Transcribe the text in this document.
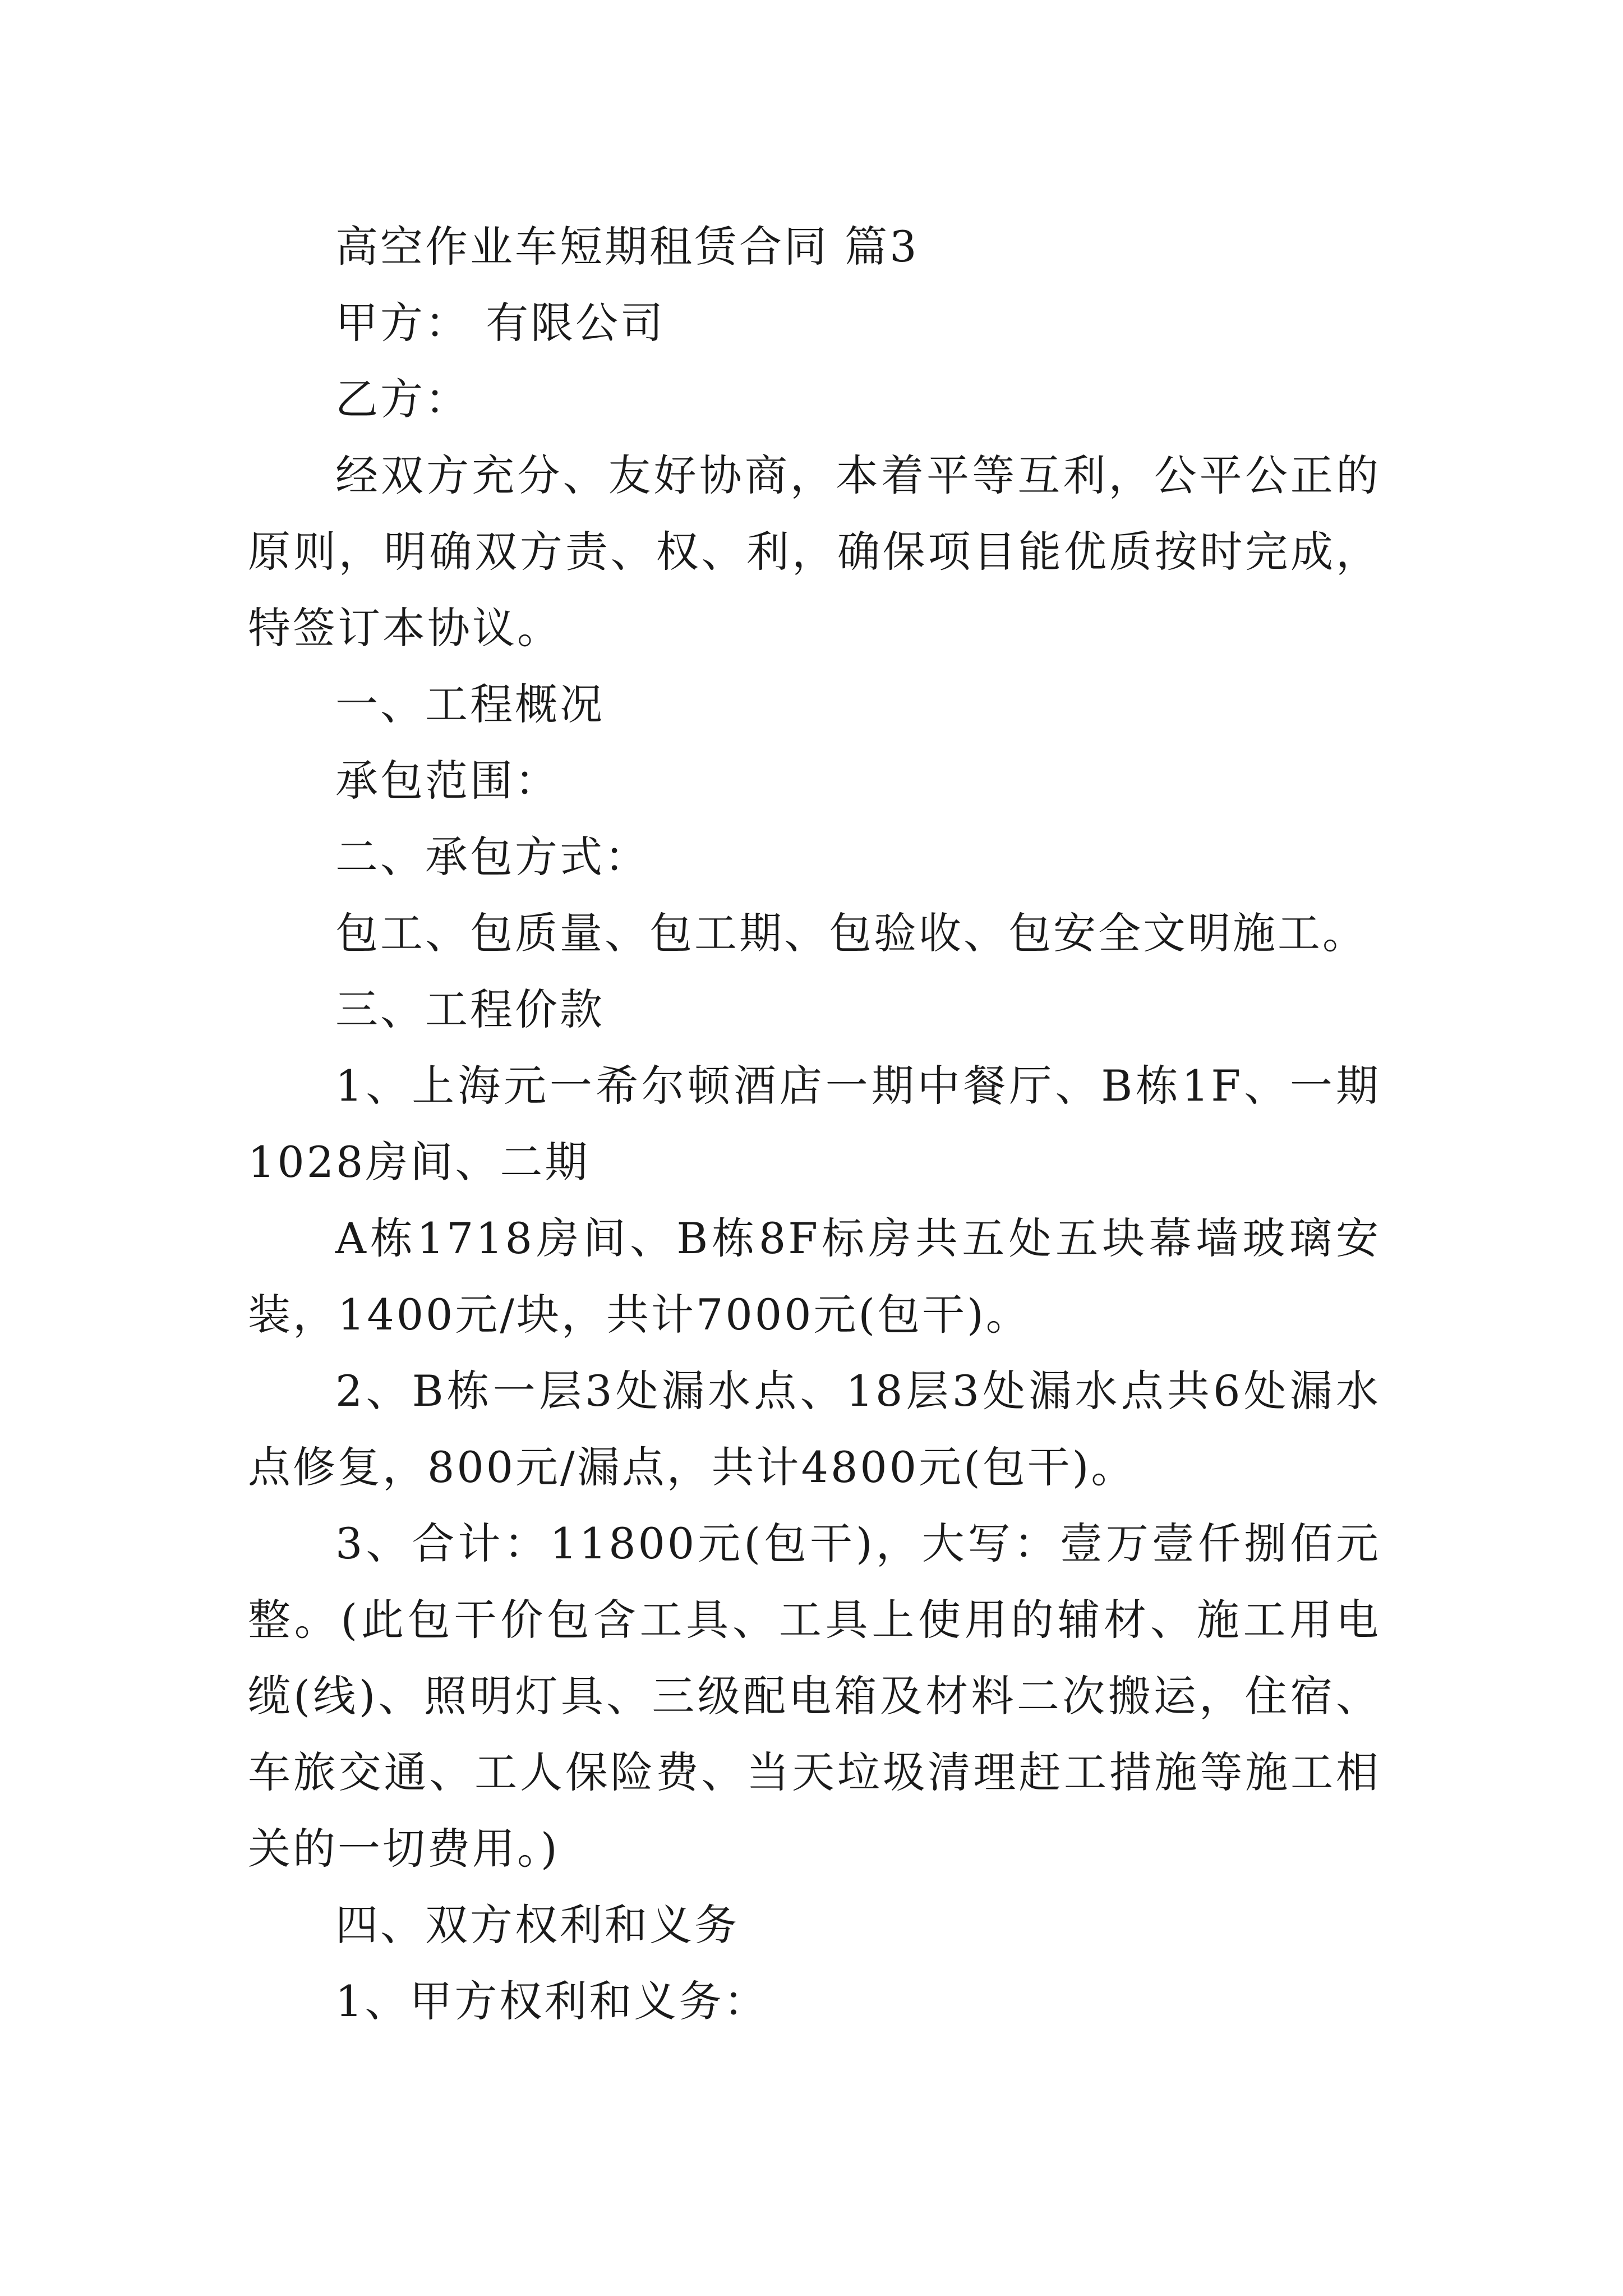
高空作业车短期租赁合同 篇3

甲方： 有限公司

乙方：

经双方充分、友好协商，本着平等互利，公平公正的原则，明确双方责、权、利，确保项目能优质按时完成，特签订本协议。

一、工程概况

承包范围：

二、承包方式：

包工、包质量、包工期、包验收、包安全文明施工。

三、工程价款

1、上海元一希尔顿酒店一期中餐厅、B栋1F、一期1028房间、二期

A栋1718房间、B栋8F标房共五处五块幕墙玻璃安装，1400元/块，共计7000元(包干)。

2、B栋一层3处漏水点、18层3处漏水点共6处漏水点修复，800元/漏点，共计4800元(包干)。

3、合计：11800元(包干)，大写：壹万壹仟捌佰元整。(此包干价包含工具、工具上使用的辅材、施工用电缆(线)、照明灯具、三级配电箱及材料二次搬运，住宿、车旅交通、工人保险费、当天垃圾清理赶工措施等施工相关的一切费用。)

四、双方权利和义务

1、甲方权利和义务：
